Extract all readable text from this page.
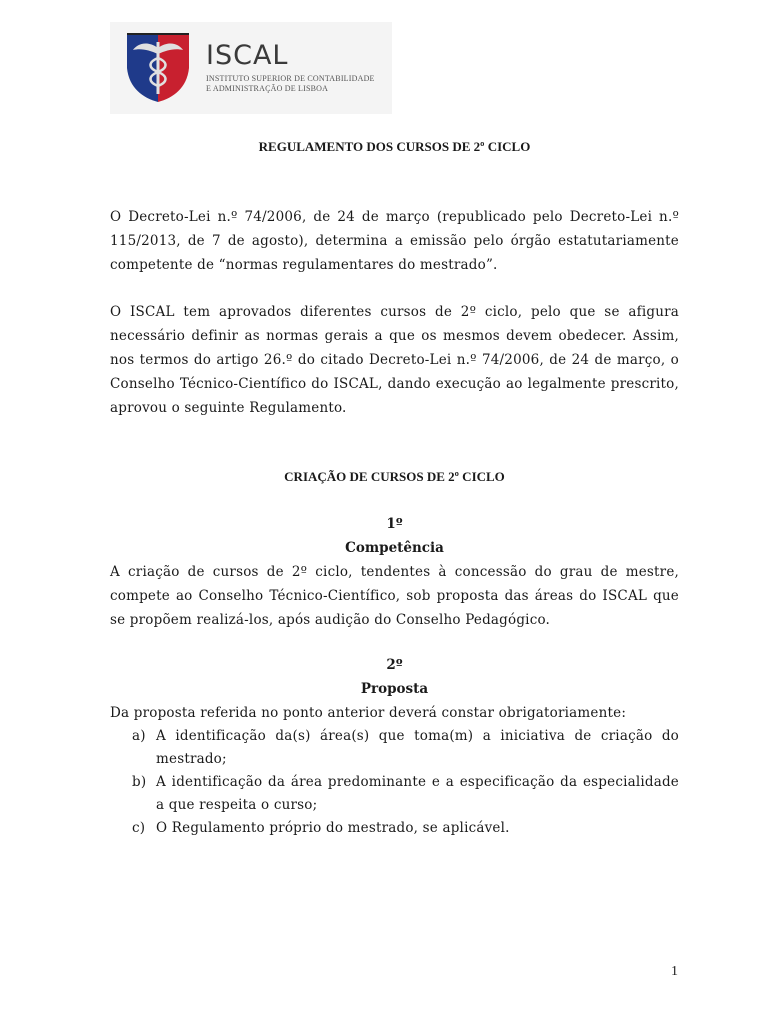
ISCAL
INSTITUTO SUPERIOR DE CONTABILIDADE
E ADMINISTRAÇÃO DE LISBOA
REGULAMENTO DOS CURSOS DE 2º CICLO

O Decreto-Lei n.º 74/2006, de 24 de março (republicado pelo Decreto-Lei n.º 115/2013, de 7 de agosto), determina a emissão pelo órgão estatutariamente competente de “normas regulamentares do mestrado”.

O ISCAL tem aprovados diferentes cursos de 2º ciclo, pelo que se afigura necessário definir as normas gerais a que os mesmos devem obedecer. Assim, nos termos do artigo 26.º do citado Decreto-Lei n.º 74/2006, de 24 de março, o Conselho Técnico-Científico do ISCAL, dando execução ao legalmente prescrito, aprovou o seguinte Regulamento.

CRIAÇÃO DE CURSOS DE 2º CICLO
1º
Competência

A criação de cursos de 2º ciclo, tendentes à concessão do grau de mestre, compete ao Conselho Técnico-Científico, sob proposta das áreas do ISCAL que se propõem realizá-los, após audição do Conselho Pedagógico.

2º
Proposta

Da proposta referida no ponto anterior deverá constar obrigatoriamente:

a) A identificação da(s) área(s) que toma(m) a iniciativa de criação do mestrado;
b) A identificação da área predominante e a especificação da especialidade a que respeita o curso;
c) O Regulamento próprio do mestrado, se aplicável.
1
